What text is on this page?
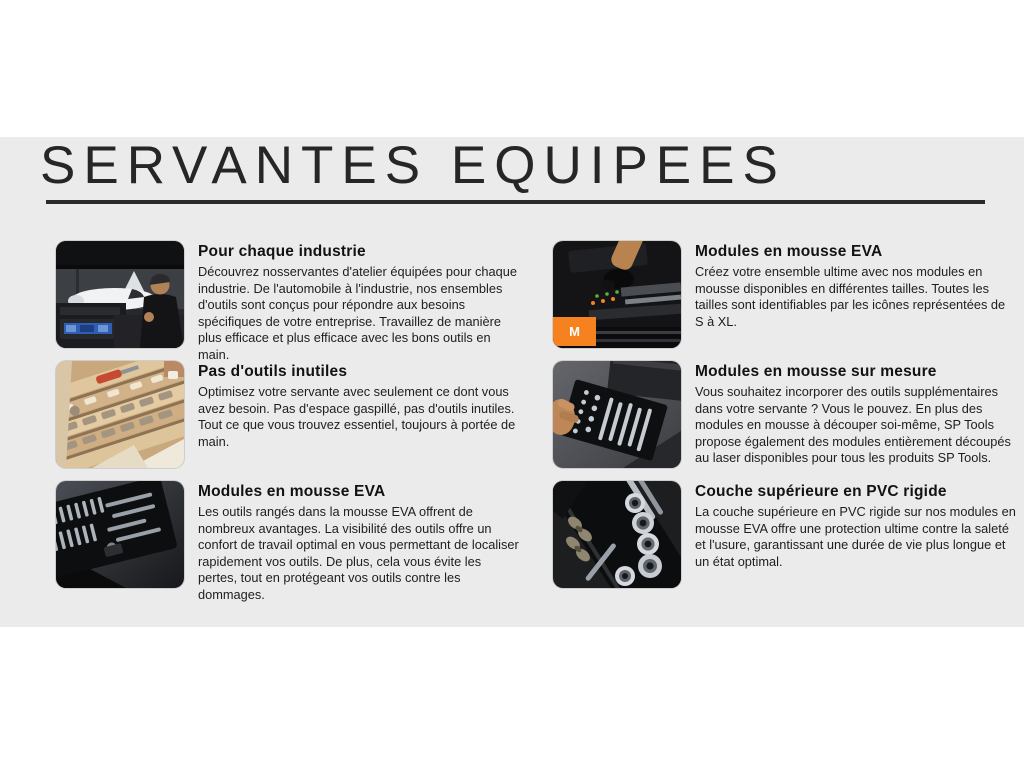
SERVANTES EQUIPEES
Pour chaque industrie

Découvrez nosservantes d'atelier équipées pour chaque industrie. De l'automobile à l'industrie, nos ensembles d'outils sont conçus pour répondre aux besoins spécifiques de votre entreprise. Travaillez de manière plus efficace et plus efficace avec les bons outils en main.

Pas d'outils inutiles

Optimisez votre servante avec seulement ce dont vous avez besoin. Pas d'espace gaspillé, pas d'outils inutiles. Tout ce que vous trouvez essentiel, toujours à portée de main.

Modules en mousse EVA

Les outils rangés dans la mousse EVA offrent de nombreux avantages. La visibilité des outils offre un confort de travail optimal en vous permettant de localiser rapidement vos outils. De plus, cela vous évite les pertes, tout en protégeant vos outils contre les dommages.

M
Modules en mousse EVA

Créez votre ensemble ultime avec nos modules en mousse disponibles en différentes tailles. Toutes les tailles sont identifiables par les icônes représentées de S à XL.

Modules en mousse sur mesure

Vous souhaitez incorporer des outils supplémentaires dans votre servante ? Vous le pouvez. En plus des modules en mousse à découper soi-même, SP Tools propose également des modules entièrement découpés au laser disponibles pour tous les produits SP Tools.

Couche supérieure en PVC rigide

La couche supérieure en PVC rigide sur nos modules en mousse EVA offre une protection ultime contre la saleté et l'usure, garantissant une durée de vie plus longue et un état optimal.
